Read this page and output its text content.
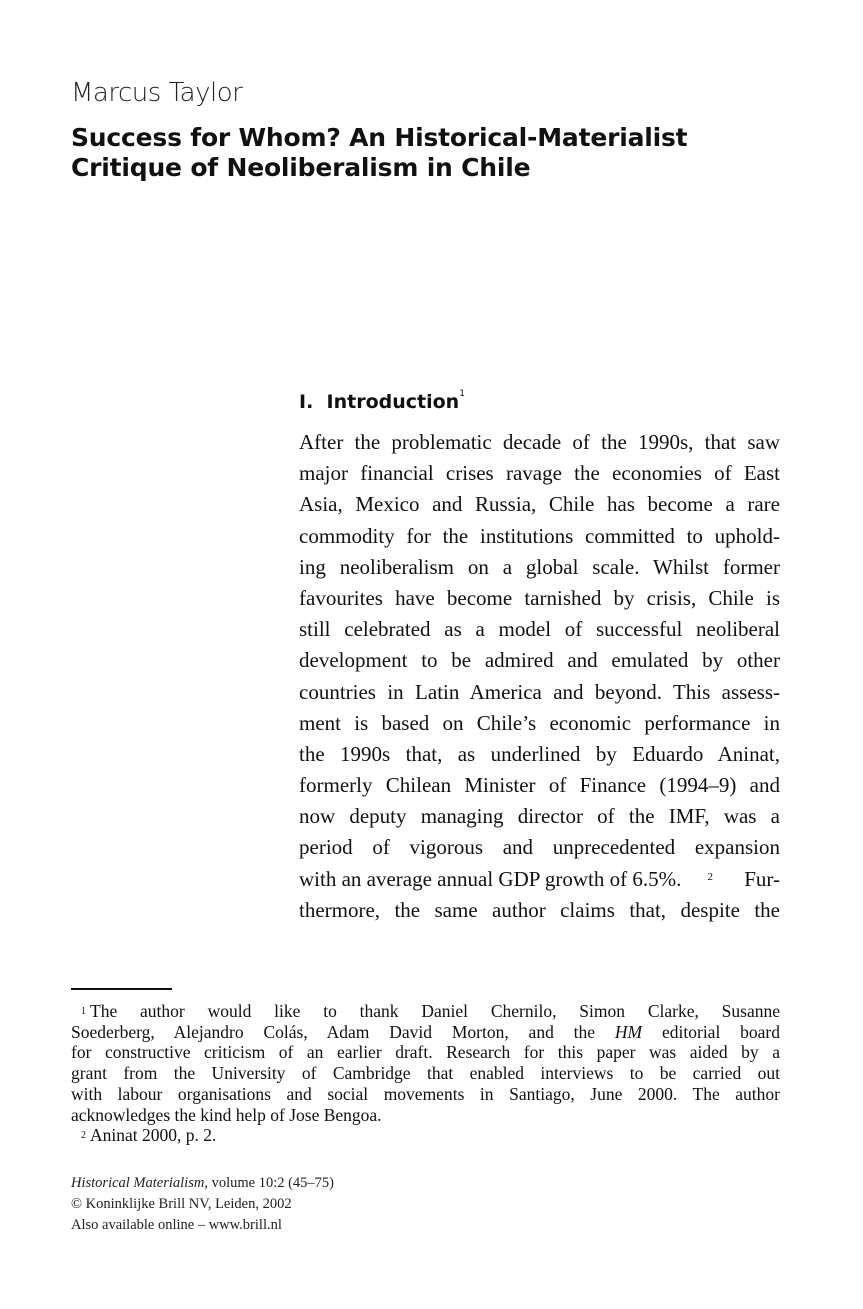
Marcus Taylor
Success for Whom? An Historical-Materialist
Critique of Neoliberalism in Chile
I.  Introduction$^1$
After the problematic decade of the 1990s, that saw
major financial crises ravage the economies of East
Asia, Mexico and Russia, Chile has become a rare
commodity for the institutions committed to uphold-
ing neoliberalism on a global scale. Whilst former
favourites have become tarnished by crisis, Chile is
still celebrated as a model of successful neoliberal
development to be admired and emulated by other
countries in Latin America and beyond. This assess-
ment is based on Chile’s economic performance in
the 1990s that, as underlined by Eduardo Aninat,
formerly Chilean Minister of Finance (1994–9) and
now deputy managing director of the IMF, was a
period of vigorous and unprecedented expansion
with an average annual GDP growth of 6.5%. $^2$ Fur-
thermore, the same author claims that, despite the
$^1$ The author would like to thank Daniel Chernilo, Simon Clarke, Susanne
Soederberg, Alejandro Colás, Adam David Morton, and the HM editorial board
for constructive criticism of an earlier draft. Research for this paper was aided by a
grant from the University of Cambridge that enabled interviews to be carried out
with labour organisations and social movements in Santiago, June 2000. The author
acknowledges the kind help of Jose Bengoa.
$^2$ Aninat 2000, p. 2.
Historical Materialism, volume 10:2 (45–75)
© Koninklijke Brill NV, Leiden, 2002
Also available online – www.brill.nl
